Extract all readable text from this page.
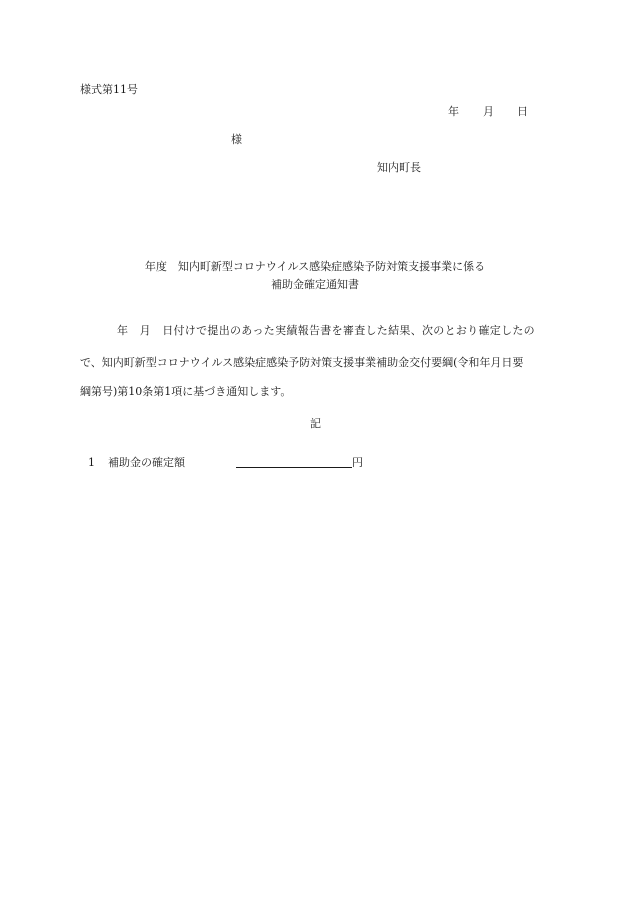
様式第11号
年 月 日
様
知内町長
年度　知内町新型コロナウイルス感染症感染予防対策支援事業に係る
補助金確定通知書
年　月　日付けで提出のあった実績報告書を審査した結果、次のとおり確定したの
で、知内町新型コロナウイルス感染症感染予防対策支援事業補助金交付要綱(令和年月日要
綱第号)第10条第1項に基づき通知します。
記
1	補助金の確定額	円
